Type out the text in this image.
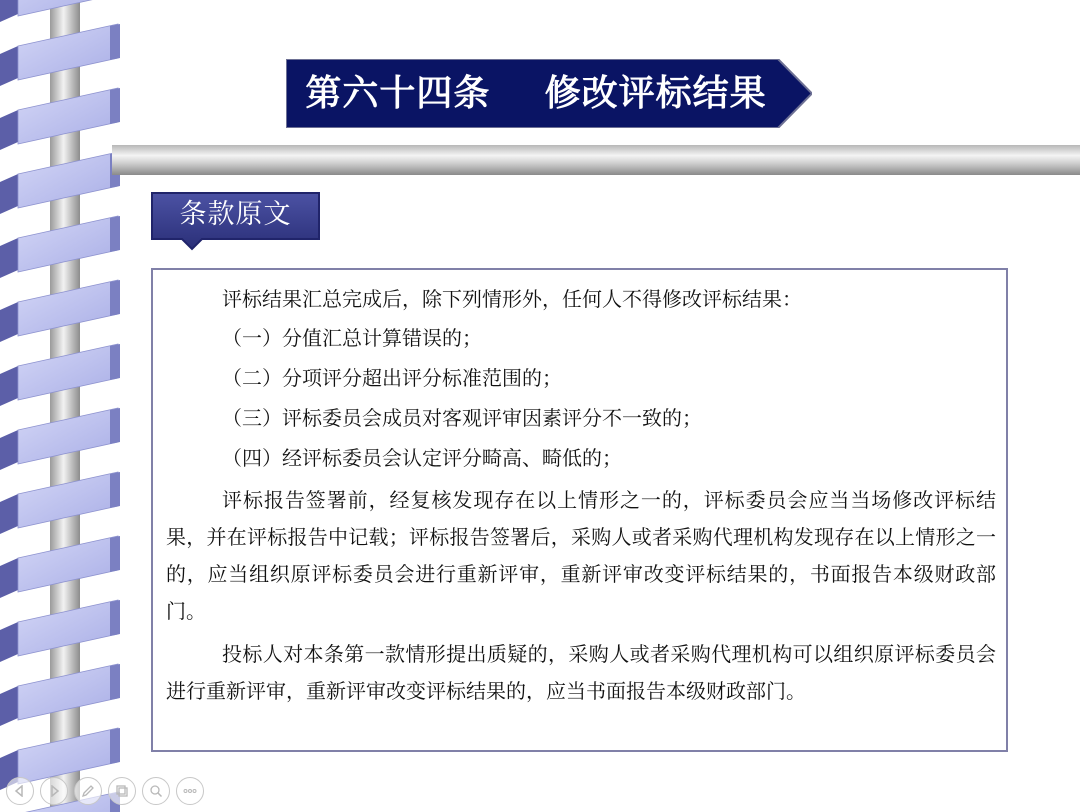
第六十四条 修改评标结果
条款原文
评标结果汇总完成后，除下列情形外，任何人不得修改评标结果：
（一）分值汇总计算错误的；
（二）分项评分超出评分标准范围的；
（三）评标委员会成员对客观评审因素评分不一致的；
（四）经评标委员会认定评分畸高、畸低的；

评标报告签署前，经复核发现存在以上情形之一的，评标委员会应当当场修改评标结果，并在评标报告中记载；评标报告签署后，采购人或者采购代理机构发现存在以上情形之一的，应当组织原评标委员会进行重新评审，重新评审改变评标结果的，书面报告本级财政部门。

投标人对本条第一款情形提出质疑的，采购人或者采购代理机构可以组织原评标委员会进行重新评审，重新评审改变评标结果的，应当书面报告本级财政部门。
